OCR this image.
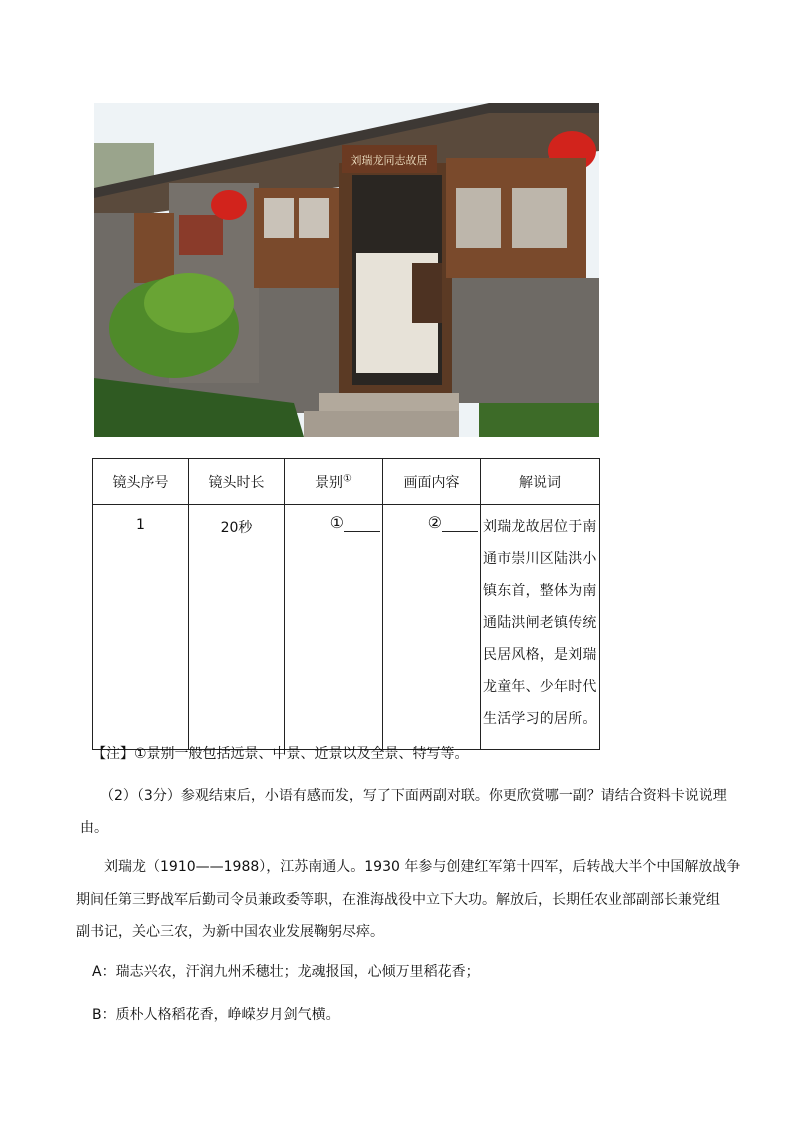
刘瑞龙同志故居
镜头序号	镜头时长	景别①	画面内容	解说词
1	20秒	①	②	刘瑞龙故居位于南通市崇川区陆洪小镇东首，整体为南通陆洪闸老镇传统民居风格，是刘瑞龙童年、少年时代生活学习的居所。
【注】①景别一般包括远景、中景、近景以及全景、特写等。
（2）（3分）参观结束后，小语有感而发，写了下面两副对联。你更欣赏哪一副？请结合资料卡说说理
由。
刘瑞龙（1910——1988），江苏南通人。1930 年参与创建红军第十四军，后转战大半个中国解放战争
期间任第三野战军后勤司令员兼政委等职，在淮海战役中立下大功。解放后，长期任农业部副部长兼党组
副书记，关心三农，为新中国农业发展鞠躬尽瘁。
A：瑞志兴农，汗润九州禾穗壮；龙魂报国，心倾万里稻花香；
B：质朴人格稻花香，峥嵘岁月剑气横。
